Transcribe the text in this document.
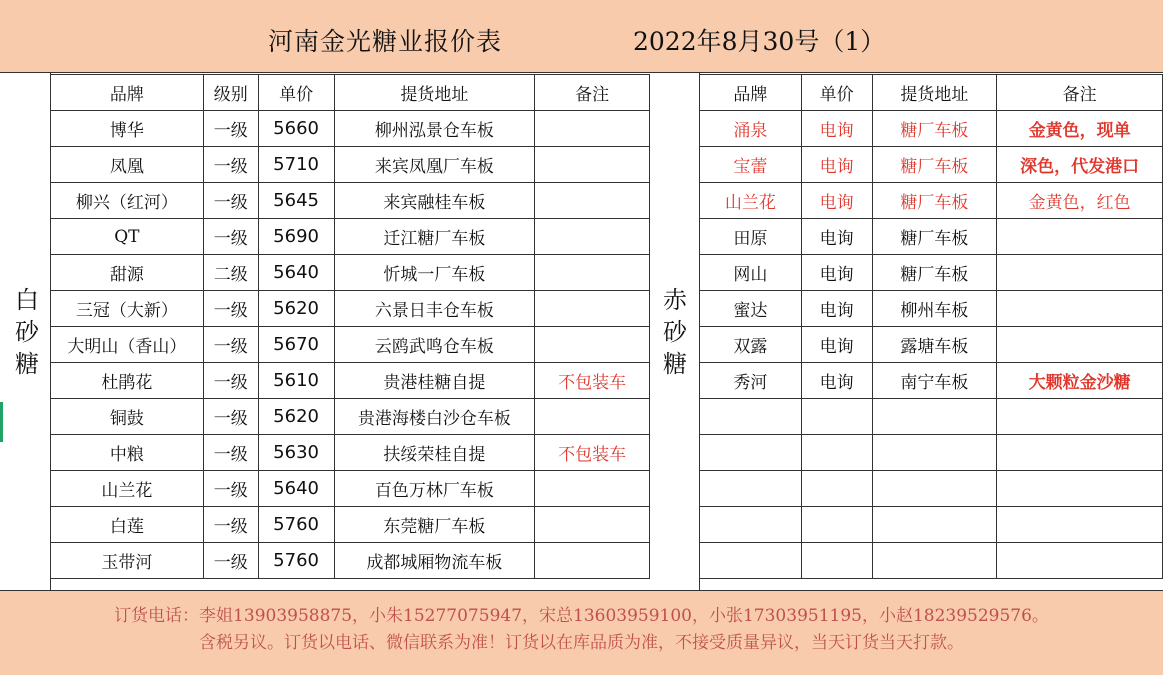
河南金光糖业报价表	2022年8月30号（1）
白
砂
糖
品牌	级别	单价	提货地址	备注
博华	一级	5660	柳州泓景仓车板	
凤凰	一级	5710	来宾凤凰厂车板	
柳兴（红河）	一级	5645	来宾融桂车板	
QT	一级	5690	迁江糖厂车板	
甜源	二级	5640	忻城一厂车板	
三冠（大新）	一级	5620	六景日丰仓车板	
大明山（香山）	一级	5670	云鸥武鸣仓车板	
杜鹃花	一级	5610	贵港桂糖自提	不包装车
铜鼓	一级	5620	贵港海楼白沙仓车板	
中粮	一级	5630	扶绥荣桂自提	不包装车
山兰花	一级	5640	百色万林厂车板	
白莲	一级	5760	东莞糖厂车板	
玉带河	一级	5760	成都城厢物流车板	
赤
砂
糖
品牌	单价	提货地址	备注
涌泉	电询	糖厂车板	金黄色，现单
宝蕾	电询	糖厂车板	深色，代发港口
山兰花	电询	糖厂车板	金黄色，红色
田原	电询	糖厂车板	
网山	电询	糖厂车板	
蜜达	电询	柳州车板	
双露	电询	露塘车板	
秀河	电询	南宁车板	大颗粒金沙糖

订货电话：李姐13903958875，小朱15277075947，宋总13603959100，小张17303951195，小赵18239529576。
含税另议。订货以电话、微信联系为准！订货以在库品质为准，不接受质量异议，当天订货当天打款。
